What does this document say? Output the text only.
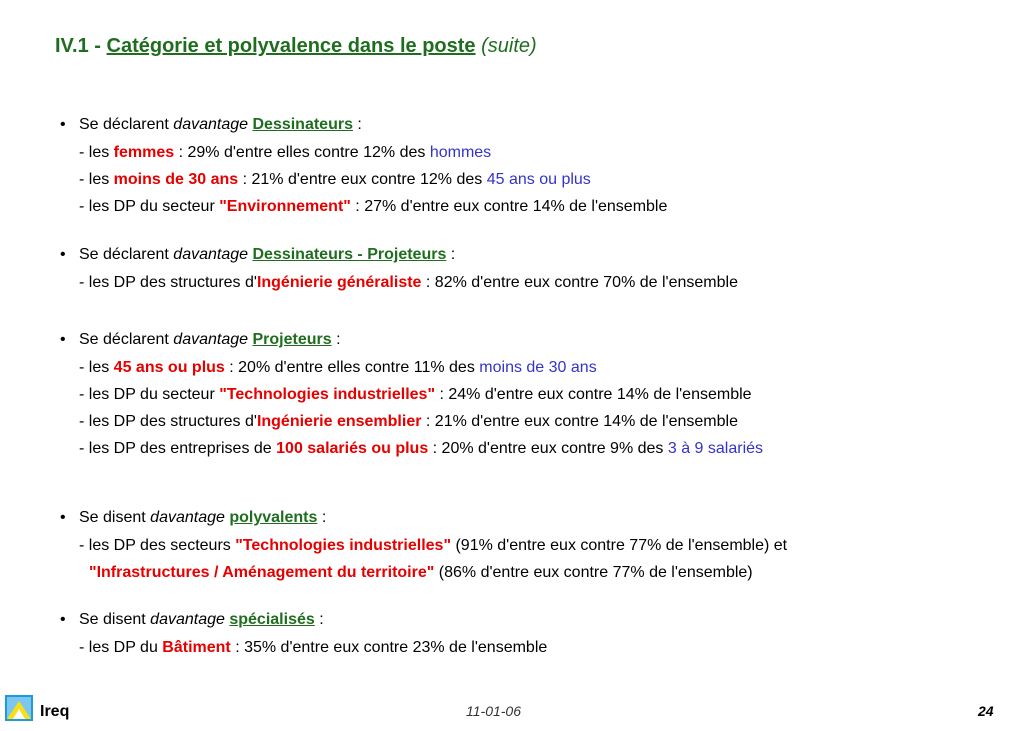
IV.1 - Catégorie et polyvalence dans le poste (suite)
• Se déclarent davantage Dessinateurs :
- les femmes : 29% d'entre elles contre 12% des hommes
- les moins de 30 ans : 21% d'entre eux contre 12% des 45 ans ou plus
- les DP du secteur "Environnement" : 27% d'entre eux contre 14% de l'ensemble
• Se déclarent davantage Dessinateurs - Projeteurs :
- les DP des structures d'Ingénierie généraliste : 82% d'entre eux contre 70% de l'ensemble
• Se déclarent davantage Projeteurs :
- les 45 ans ou plus : 20% d'entre elles contre 11% des moins de 30 ans
- les DP du secteur "Technologies industrielles" : 24% d'entre eux contre 14% de l'ensemble
- les DP des structures d'Ingénierie ensemblier : 21% d'entre eux contre 14% de l'ensemble
- les DP des entreprises de 100 salariés ou plus : 20% d'entre eux contre 9% des 3 à 9 salariés
• Se disent davantage polyvalents :
- les DP des secteurs "Technologies industrielles" (91% d'entre eux contre 77% de l'ensemble) et
"Infrastructures / Aménagement du territoire" (86% d'entre eux contre 77% de l'ensemble)
• Se disent davantage spécialisés :
- les DP du Bâtiment : 35% d'entre eux contre 23% de l'ensemble
Ireq	11-01-06	24
